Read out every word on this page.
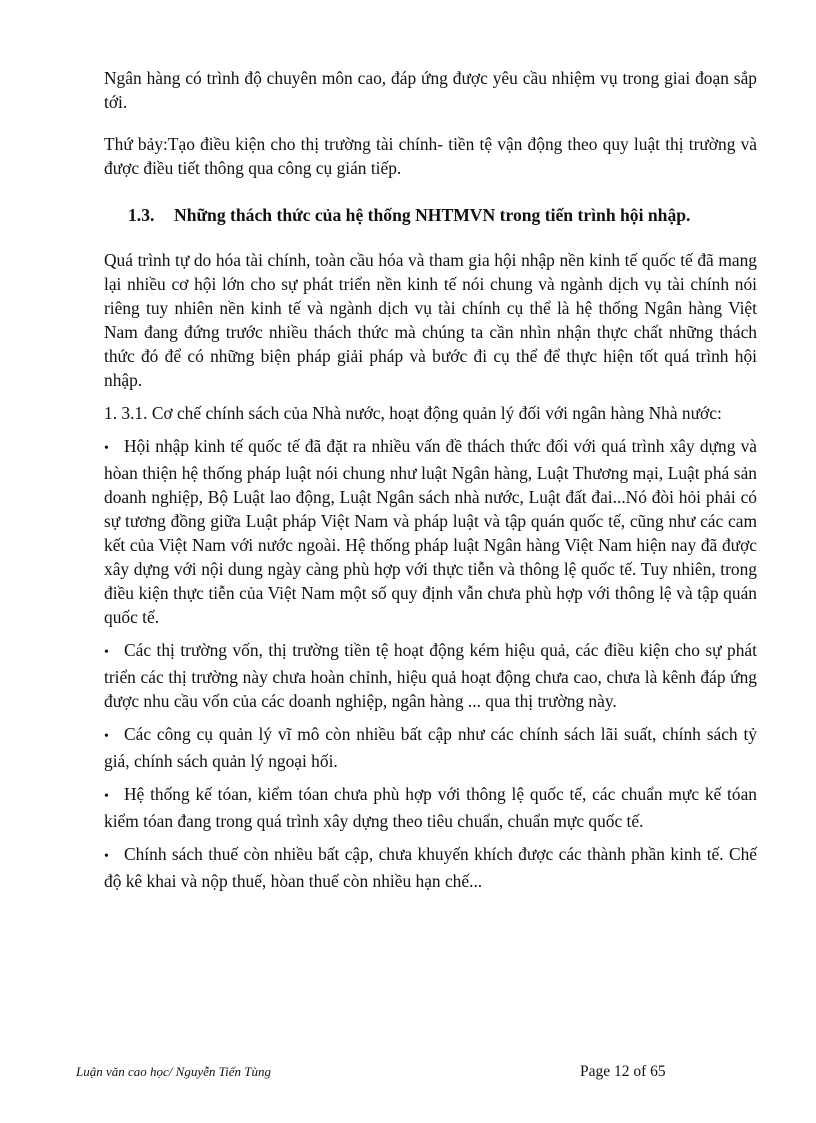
Ngân hàng có trình độ chuyên môn cao, đáp ứng được yêu cầu nhiệm vụ trong giai đoạn sắp tới.

Thứ bảy:Tạo điều kiện cho thị trường tài chính- tiền tệ vận động theo quy luật thị trường và được điều tiết thông qua công cụ gián tiếp.

1.3. Những thách thức của hệ thống NHTMVN trong tiến trình hội nhập.

Quá trình tự do hóa tài chính, toàn cầu hóa và tham gia hội nhập nền kinh tế quốc tế đã mang lại nhiều cơ hội lớn cho sự phát triển nền kinh tế nói chung và ngành dịch vụ tài chính nói riêng tuy nhiên nền kinh tế và ngành dịch vụ tài chính cụ thể là hệ thống Ngân hàng Việt Nam đang đứng trước nhiều thách thức mà chúng ta cần nhìn nhận thực chất những thách thức đó để có những biện pháp giải pháp và bước đi cụ thể để thực hiện tốt quá trình hội nhập.

1. 3.1. Cơ chế chính sách của Nhà nước, hoạt động quản lý đối với ngân hàng Nhà nước:

• Hội nhập kinh tế quốc tế đã đặt ra nhiều vấn đề thách thức đối với quá trình xây dựng và hòan thiện hệ thống pháp luật nói chung như luật Ngân hàng, Luật Thương mại, Luật phá sản doanh nghiệp, Bộ Luật lao động, Luật Ngân sách nhà nước, Luật đất đai...Nó đòi hỏi phải có sự tương đồng giữa Luật pháp Việt Nam và pháp luật và tập quán quốc tế, cũng như các cam kết của Việt Nam với nước ngoài. Hệ thống pháp luật Ngân hàng Việt Nam hiện nay đã được xây dựng với nội dung ngày càng phù hợp với thực tiễn và thông lệ quốc tế. Tuy nhiên, trong điều kiện thực tiễn của Việt Nam một số quy định vẫn chưa phù hợp với thông lệ và tập quán quốc tế.

• Các thị trường vốn, thị trường tiền tệ hoạt động kém hiệu quả, các điều kiện cho sự phát triển các thị trường này chưa hoàn chỉnh, hiệu quả hoạt động chưa cao, chưa là kênh đáp ứng được nhu cầu vốn của các doanh nghiệp, ngân hàng ... qua thị trường này.

• Các công cụ quản lý vĩ mô còn nhiều bất cập như các chính sách lãi suất, chính sách tỷ giá, chính sách quản lý ngoại hối.

• Hệ thống kế tóan, kiểm tóan chưa phù hợp với thông lệ quốc tế, các chuẩn mực kế tóan kiểm tóan đang trong quá trình xây dựng theo tiêu chuẩn, chuẩn mực quốc tế.

• Chính sách thuế còn nhiều bất cập, chưa khuyến khích được các thành phần kinh tế. Chế độ kê khai và nộp thuế, hòan thuế còn nhiều hạn chế...

Luận văn cao học/ Nguyễn Tiến Tùng	Page 12 of 65
